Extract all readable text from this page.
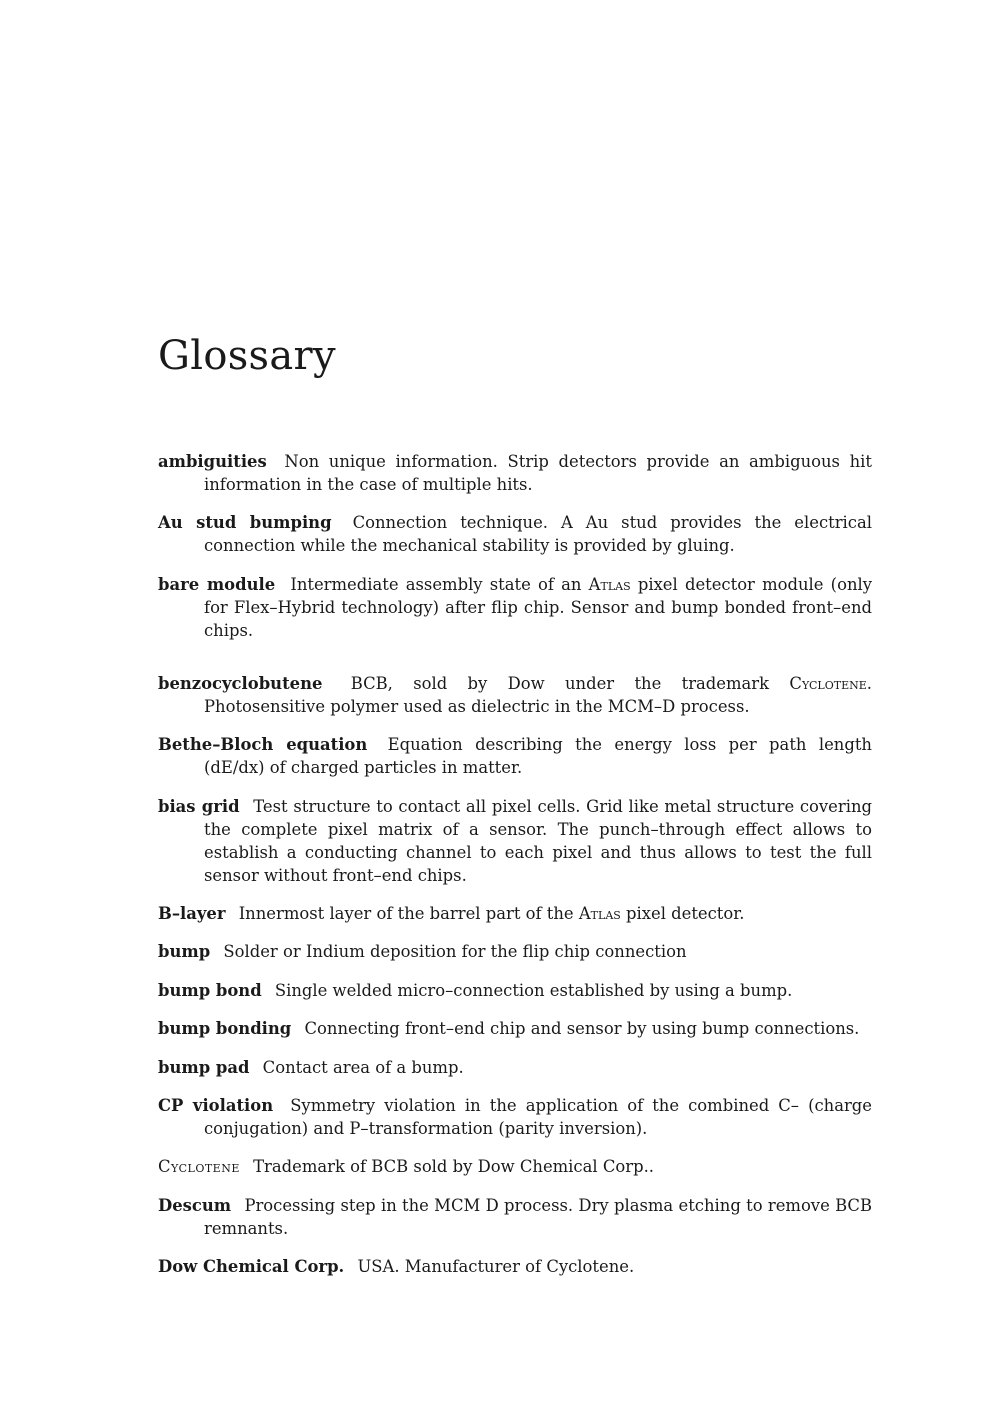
Glossary

ambiguities Non unique information. Strip detectors provide an ambiguous hit information in the case of multiple hits.

Au stud bumping Connection technique. A Au stud provides the electrical connection while the mechanical stability is provided by gluing.

bare module Intermediate assembly state of an Atlas pixel detector module (only for Flex–Hybrid technology) after flip chip. Sensor and bump bonded front–end chips.

benzocyclobutene BCB, sold by Dow under the trademark Cyclotene. Photosensitive polymer used as dielectric in the MCM–D process.

Bethe–Bloch equation Equation describing the energy loss per path length (dE/dx) of charged particles in matter.

bias grid Test structure to contact all pixel cells. Grid like metal structure covering the complete pixel matrix of a sensor. The punch–through effect allows to establish a conducting channel to each pixel and thus allows to test the full sensor without front–end chips.

B–layer Innermost layer of the barrel part of the Atlas pixel detector.

bump Solder or Indium deposition for the flip chip connection

bump bond Single welded micro–connection established by using a bump.

bump bonding Connecting front–end chip and sensor by using bump connections.

bump pad Contact area of a bump.

CP violation Symmetry violation in the application of the combined C– (charge conjugation) and P–transformation (parity inversion).

Cyclotene Trademark of BCB sold by Dow Chemical Corp..

Descum Processing step in the MCM D process. Dry plasma etching to remove BCB remnants.

Dow Chemical Corp. USA. Manufacturer of Cyclotene.
